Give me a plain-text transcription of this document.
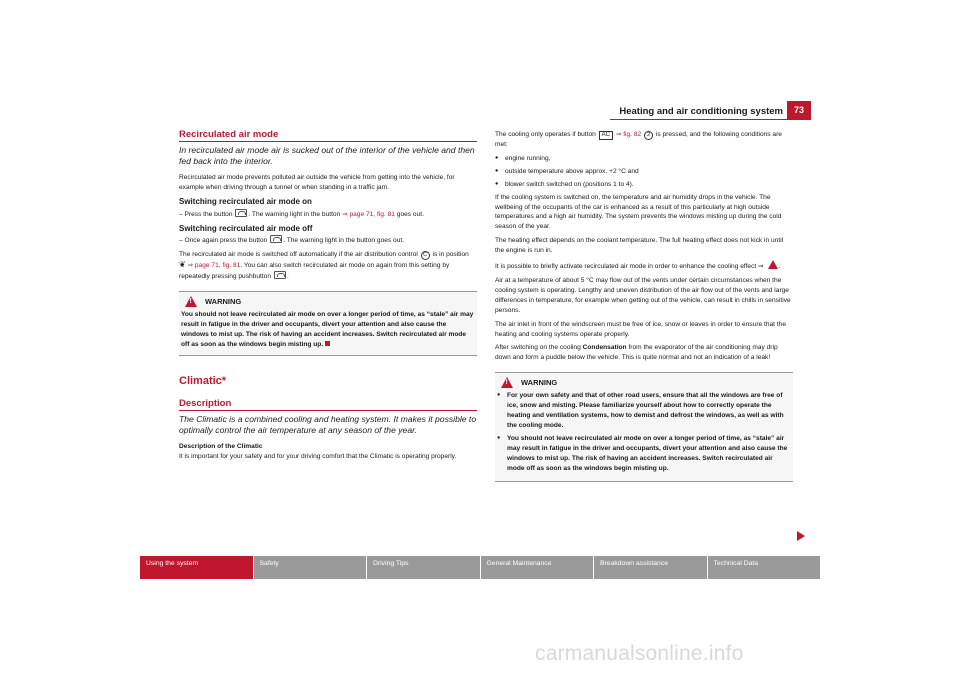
Heating and air conditioning system	73
Recirculated air mode
In recirculated air mode air is sucked out of the interior of the vehicle and then fed back into the interior.
Recirculated air mode prevents polluted air outside the vehicle from getting into the vehicle, for example when driving through a tunnel or when standing in a traffic jam.
Switching recirculated air mode on
– Press the button . The warning light in the button ⇒ page 71, fig. 81 goes out.
Switching recirculated air mode off
– Once again press the button . The warning light in the button goes out.
The recirculated air mode is switched off automatically if the air distribution control C is in position ❦ ⇒ page 71, fig. 81. You can also switch recirculated air mode on again from this setting by repeatedly pressing pushbutton .
!
WARNING
You should not leave recirculated air mode on over a longer period of time, as “stale” air may result in fatigue in the driver and occupants, divert your attention and also cause the windows to mist up. The risk of having an accident increases. Switch recirculated air mode off as soon as the windows begin misting up.
Climatic*
Description
The Climatic is a combined cooling and heating system. It makes it possible to optimally control the air temperature at any season of the year.
Description of the Climatic
It is important for your safety and for your driving comfort that the Climatic is operating properly.
The cooling only operates if button AC ⇒ fig. 82 2 is pressed, and the following conditions are met:
● engine running,
● outside temperature above approx. +2 °C and
● blower switch switched on (positions 1 to 4).
If the cooling system is switched on, the temperature and air humidity drops in the vehicle. The wellbeing of the occupants of the car is enhanced as a result of this particularly at high outside temperatures and a high air humidity. The system prevents the windows misting up during the cold season of the year.
The heating effect depends on the coolant temperature. The full heating effect does not kick in until the engine is run in.
It is possible to briefly activate recirculated air mode in order to enhance the cooling effect ⇒ .
Air at a temperature of about 5 °C may flow out of the vents under certain circumstances when the cooling system is operating. Lengthy and uneven distribution of the air flow out of the vents and large differences in temperature, for example when getting out of the vehicle, can result in chills in sensitive persons.
The air inlet in front of the windscreen must be free of ice, snow or leaves in order to ensure that the heating and cooling systems operate properly.
After switching on the cooling Condensation from the evaporator of the air conditioning may drip down and form a puddle below the vehicle. This is quite normal and not an indication of a leak!
!
WARNING
● For your own safety and that of other road users, ensure that all the windows are free of ice, snow and misting. Please familiarize yourself about how to correctly operate the heating and ventilation systems, how to demist and defrost the windows, as well as with the cooling mode.
● You should not leave recirculated air mode on over a longer period of time, as “stale” air may result in fatigue in the driver and occupants, divert your attention and also cause the windows to mist up. The risk of having an accident increases. Switch recirculated air mode off as soon as the windows begin misting up.
Using the system	Safety	Driving Tips	General Maintenance	Breakdown assistance	Technical Data
carmanualsonline.info
